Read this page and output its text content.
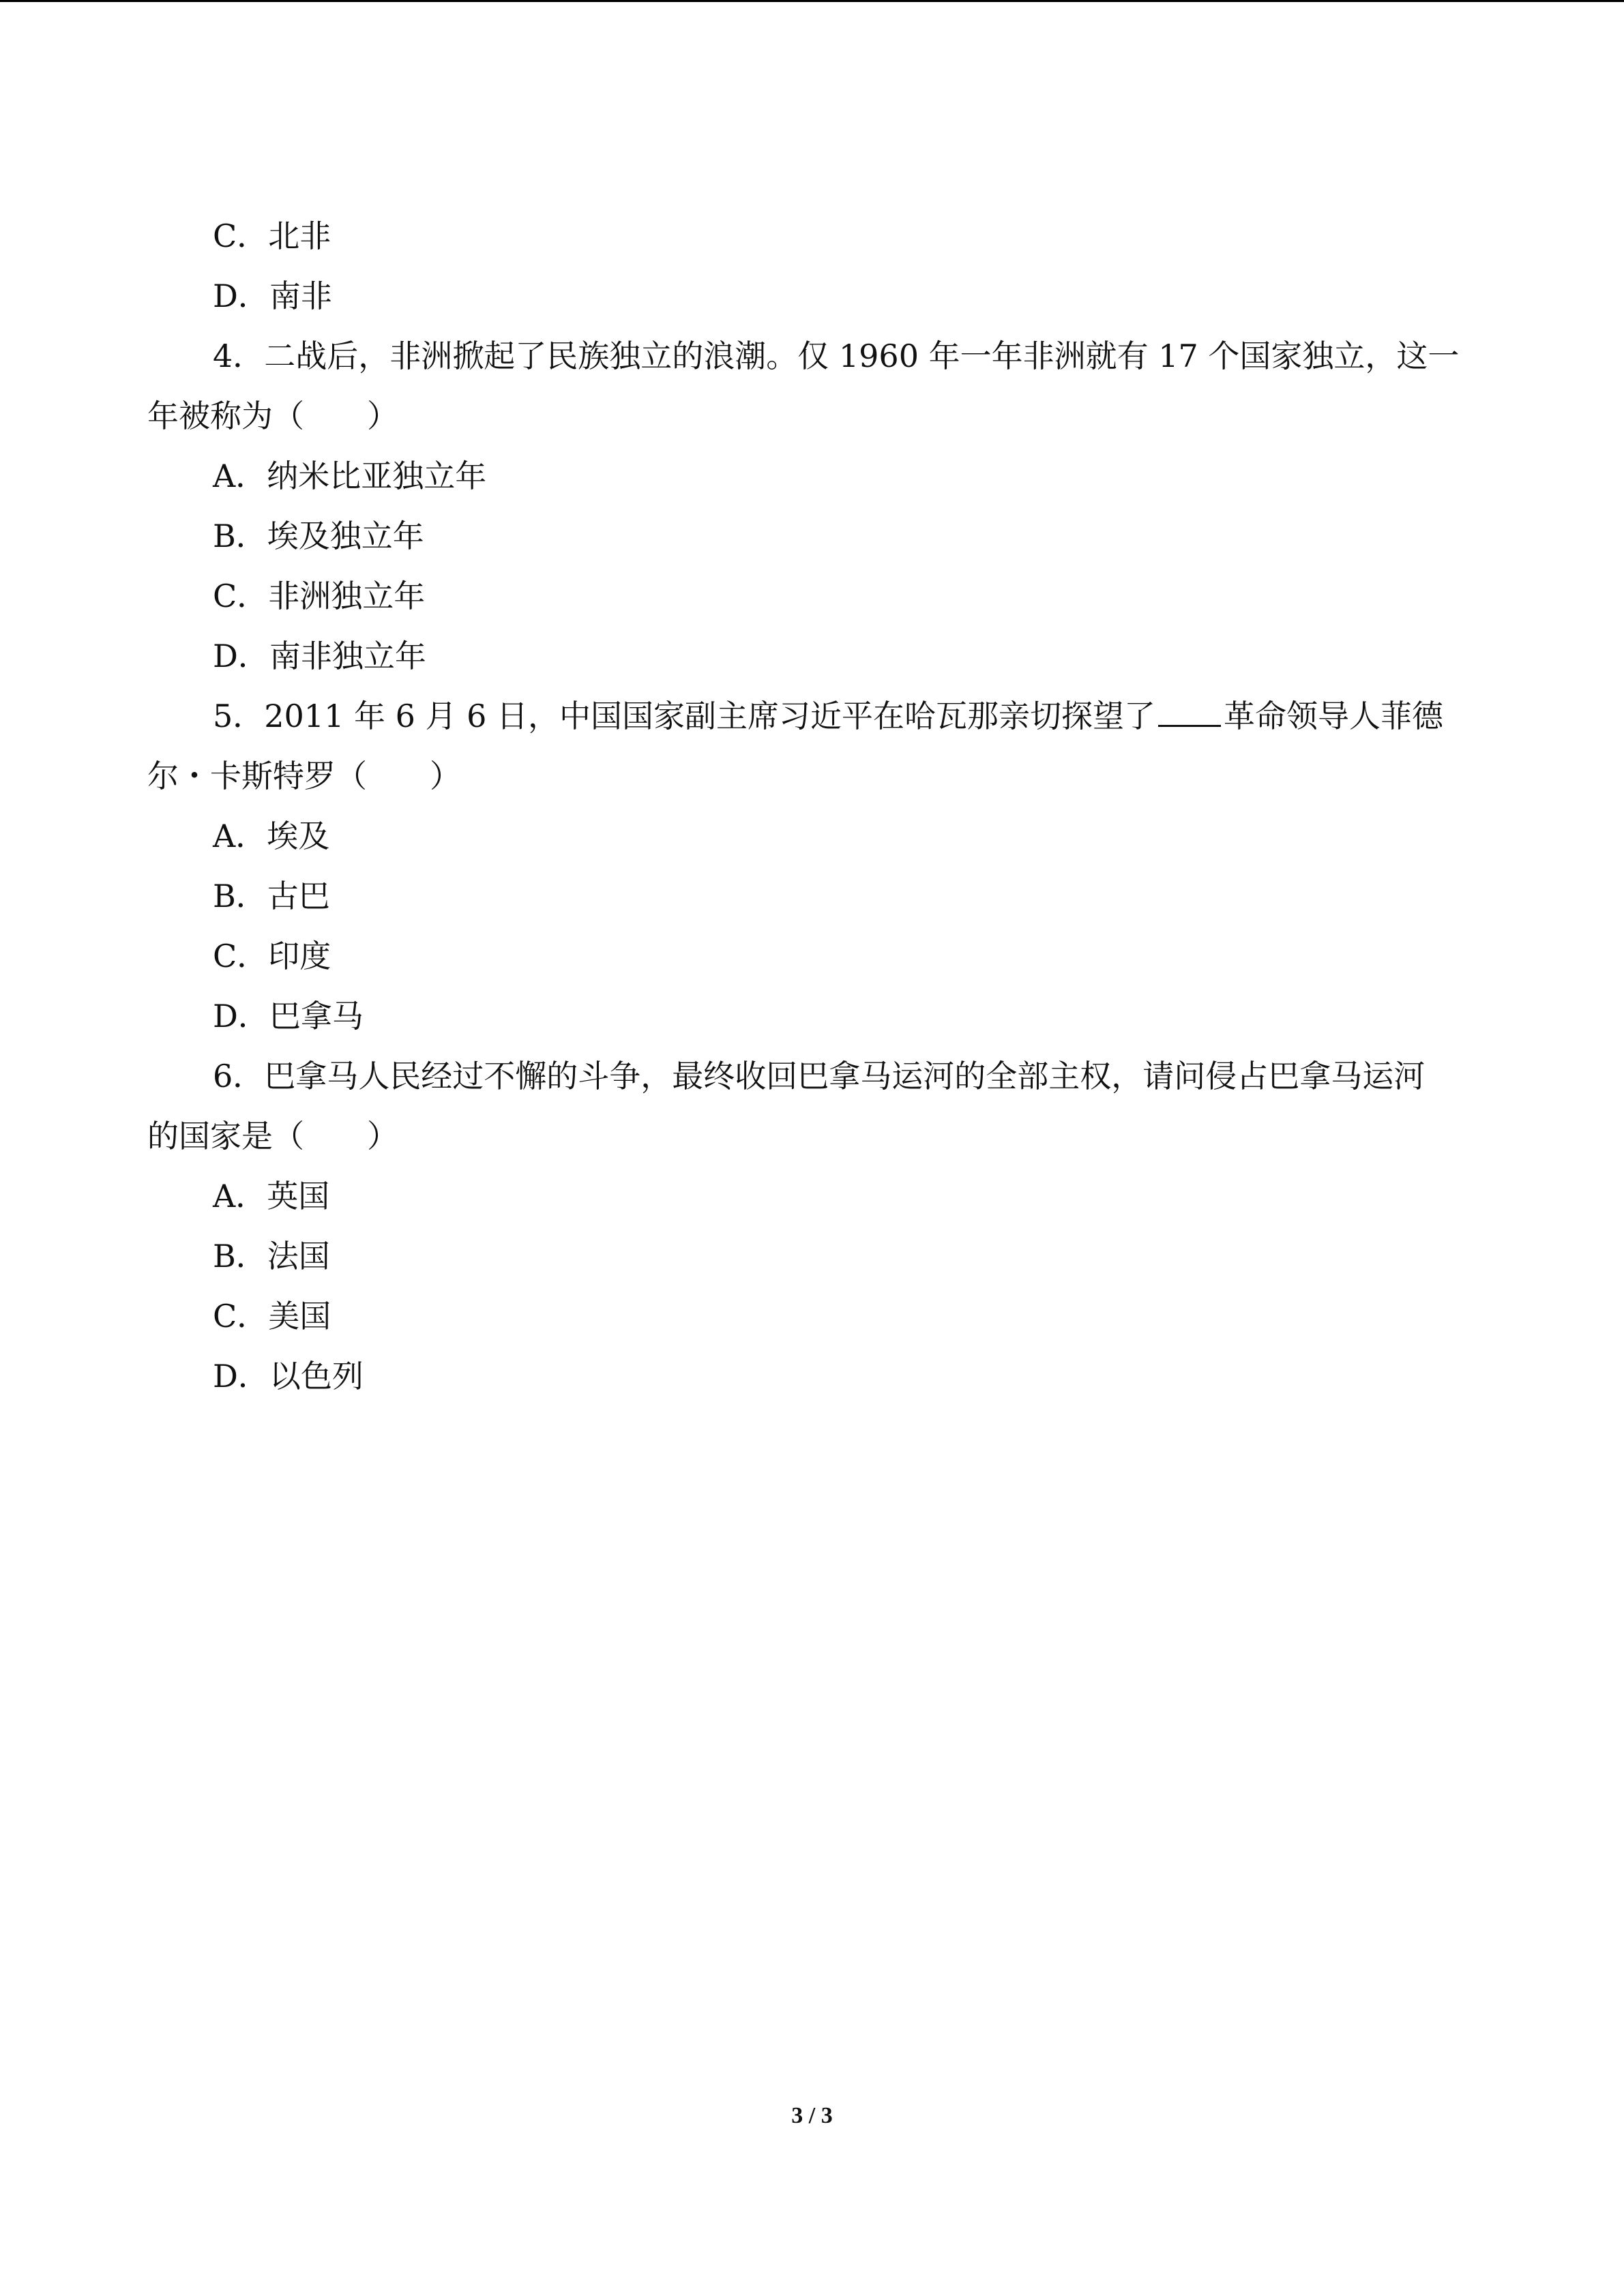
C．北非
D．南非
4．二战后，非洲掀起了民族独立的浪潮。仅 1960 年一年非洲就有 17 个国家独立，这一
年被称为（　　）
A．纳米比亚独立年
B．埃及独立年
C．非洲独立年
D．南非独立年
5．2011 年 6 月 6 日，中国国家副主席习近平在哈瓦那亲切探望了 革命领导人菲德
尔・卡斯特罗（　　）
A．埃及
B．古巴
C．印度
D．巴拿马
6．巴拿马人民经过不懈的斗争，最终收回巴拿马运河的全部主权，请问侵占巴拿马运河
的国家是（　　）
A．英国
B．法国
C．美国
D．以色列
3 / 3
